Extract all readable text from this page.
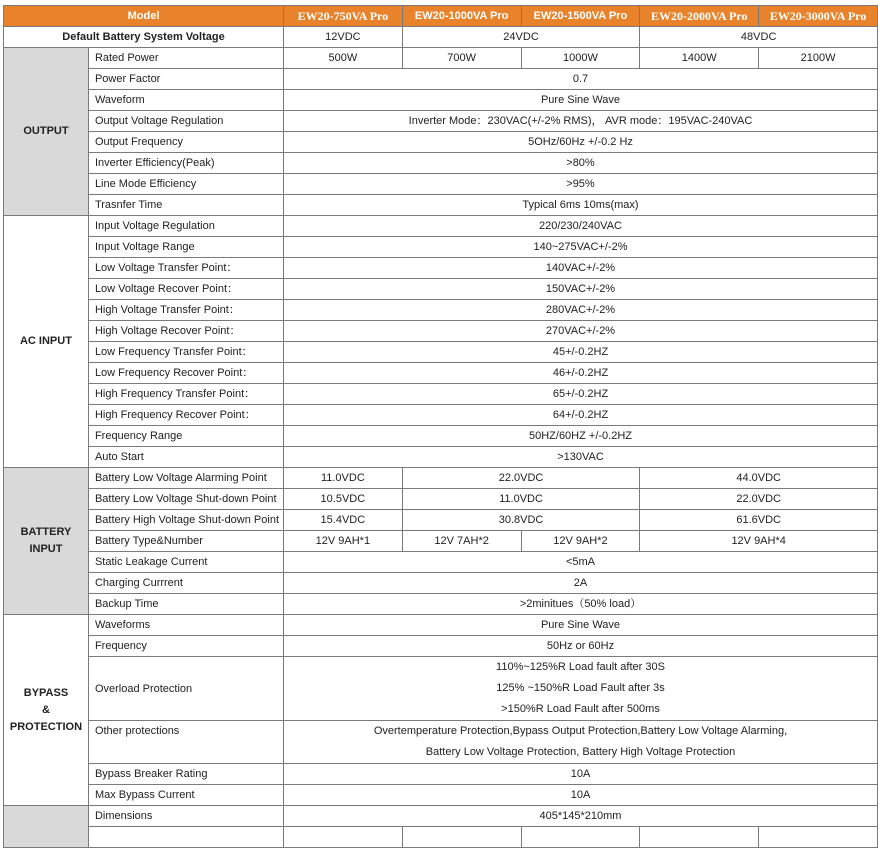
Model		EW20-750VA Pro	EW20-1000VA Pro	EW20-1500VA Pro	EW20-2000VA Pro	EW20-3000VA Pro
Default Battery System Voltage		12VDC	24VDC		48VDC	
OUTPUT	Rated Power	500W	700W	1000W	1400W	2100W
	Power Factor	0.7				
	Waveform	Pure Sine Wave				
	Output Voltage Regulation	Inverter Mode：230VAC(+/-2% RMS)， AVR mode：195VAC-240VAC				
	Output Frequency	5OHz/60Hz +/-0.2 Hz				
	Inverter Efficiency(Peak)	>80%				
	Line Mode Efficiency	>95%				
	Trasnfer Time	Typical 6ms 10ms(max)				
AC INPUT	Input Voltage Regulation	220/230/240VAC				
	Input Voltage Range	140~275VAC+/-2%				
	Low Voltage Transfer Point：	140VAC+/-2%				
	Low Voltage Recover Point：	150VAC+/-2%				
	High Voltage Transfer Point：	280VAC+/-2%				
	High Voltage Recover Point：	270VAC+/-2%				
	Low Frequency Transfer Point：	45+/-0.2HZ				
	Low Frequency Recover Point：	46+/-0.2HZ				
	High Frequency Transfer Point：	65+/-0.2HZ				
	High Frequency Recover Point：	64+/-0.2HZ				
	Frequency Range	50HZ/60HZ +/-0.2HZ				
	Auto Start	>130VAC				
BATTERY
INPUT	Battery Low Voltage Alarming Point	11.0VDC	22.0VDC		44.0VDC	
	Battery Low Voltage Shut-down Point	10.5VDC	11.0VDC		22.0VDC	
	Battery High Voltage Shut-down Point	15.4VDC	30.8VDC		61.6VDC	
	Battery Type&Number	12V 9AH*1	12V 7AH*2	12V 9AH*2	12V 9AH*4	
	Static Leakage Current	<5mA				
	Charging Currrent	2A				
	Backup Time	>2minitues（50% load）				
BYPASS
&
PROTECTION	Waveforms	Pure Sine Wave				
	Frequency	50Hz or 60Hz				
	Overload Protection	110%~125%R Load fault after 30S
125% ~150%R Load Fault after 3s
>150%R Load Fault after 500ms				

	Other protections	Overtemperature Protection,Bypass Output Protection,Battery Low Voltage Alarming,
Battery Low Voltage Protection, Battery High Voltage Protection				

	Bypass Breaker Rating	10A				
	Max Bypass Current	10A				
	Dimensions	405*145*210mm				
